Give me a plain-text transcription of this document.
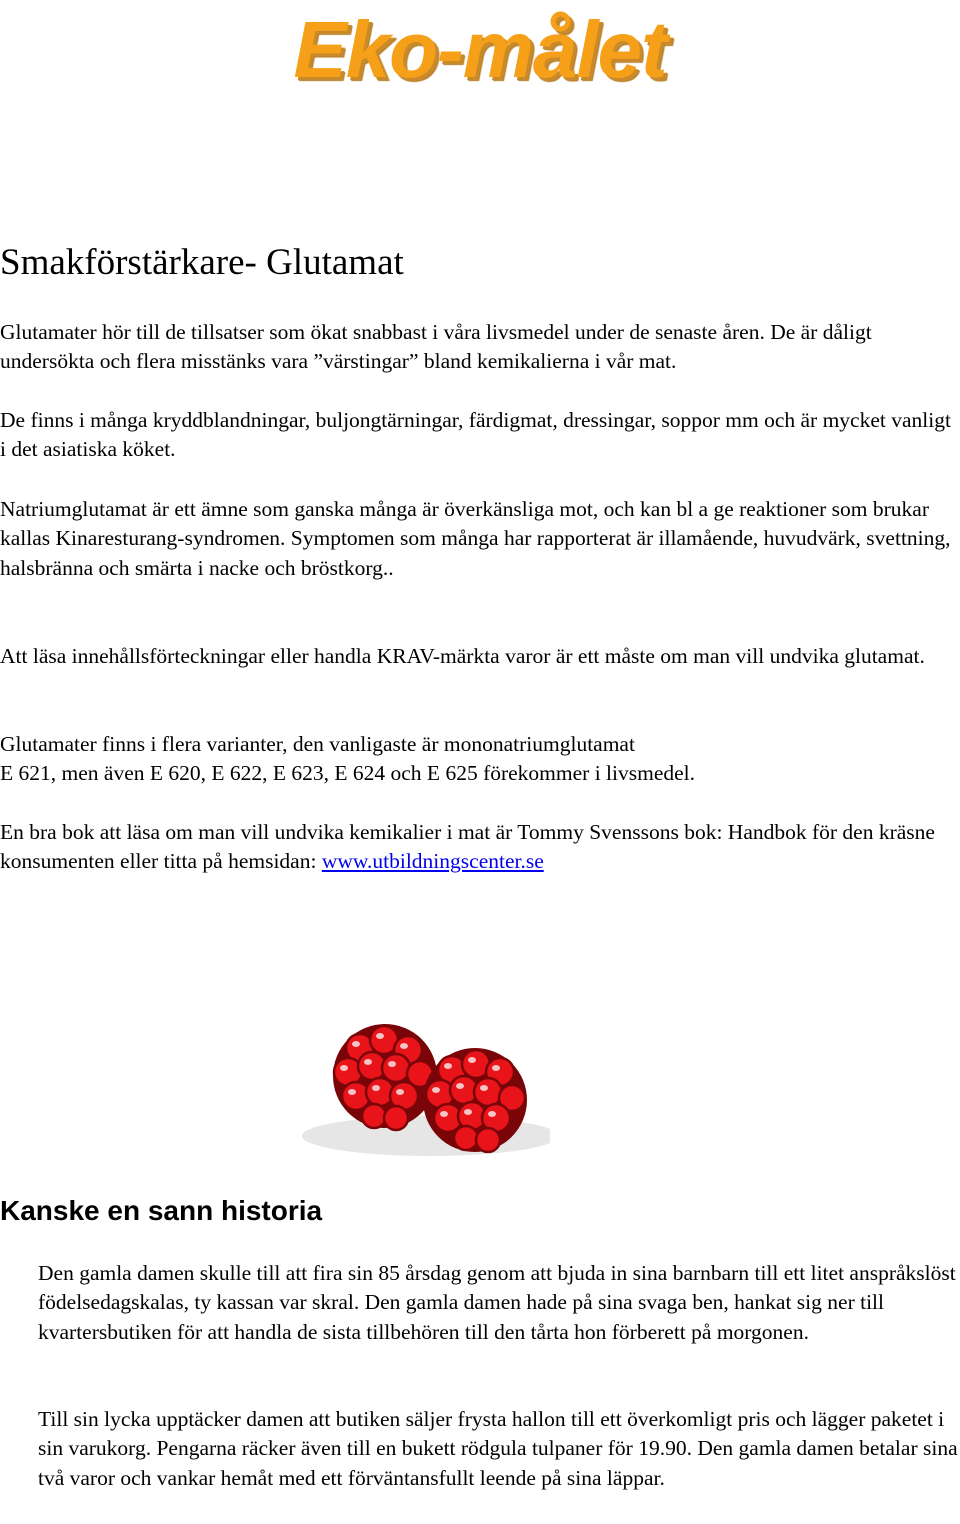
Eko-målet
Smakförstärkare- Glutamat

Glutamater hör till de tillsatser som ökat snabbast i våra livsmedel under de senaste åren. De är dåligt undersökta och flera misstänks vara ”värstingar” bland kemikalierna i vår mat.

De finns i många kryddblandningar, buljongtärningar, färdigmat, dressingar, soppor mm och är mycket vanligt i det asiatiska köket.

Natriumglutamat är ett ämne som ganska många är överkänsliga mot, och kan bl a ge reaktioner som brukar kallas Kinaresturang-syndromen. Symptomen som många har rapporterat är illamående, huvudvärk, svettning, halsbränna och smärta i nacke och bröstkorg..

Att läsa innehållsförteckningar eller handla KRAV-märkta varor är ett måste om man vill undvika glutamat.

Glutamater finns i flera varianter, den vanligaste är mononatriumglutamat

E 621, men även E 620, E 622, E 623, E 624 och E 625 förekommer i livsmedel.

En bra bok att läsa om man vill undvika kemikalier i mat är Tommy Svenssons bok: Handbok för den kräsne konsumenten eller titta på hemsidan: www.utbildningscenter.se

Kanske en sann historia

Den gamla damen skulle till att fira sin 85 årsdag genom att bjuda in sina barnbarn till ett litet anspråkslöst födelsedagskalas, ty kassan var skral. Den gamla damen hade på sina svaga ben, hankat sig ner till kvartersbutiken för att handla de sista tillbehören till den tårta hon förberett på morgonen.

Till sin lycka upptäcker damen att butiken säljer frysta hallon till ett överkomligt pris och lägger paketet i sin varukorg. Pengarna räcker även till en bukett rödgula tulpaner för 19.90. Den gamla damen betalar sina två varor och vankar hemåt med ett förväntansfullt leende på sina läppar.
